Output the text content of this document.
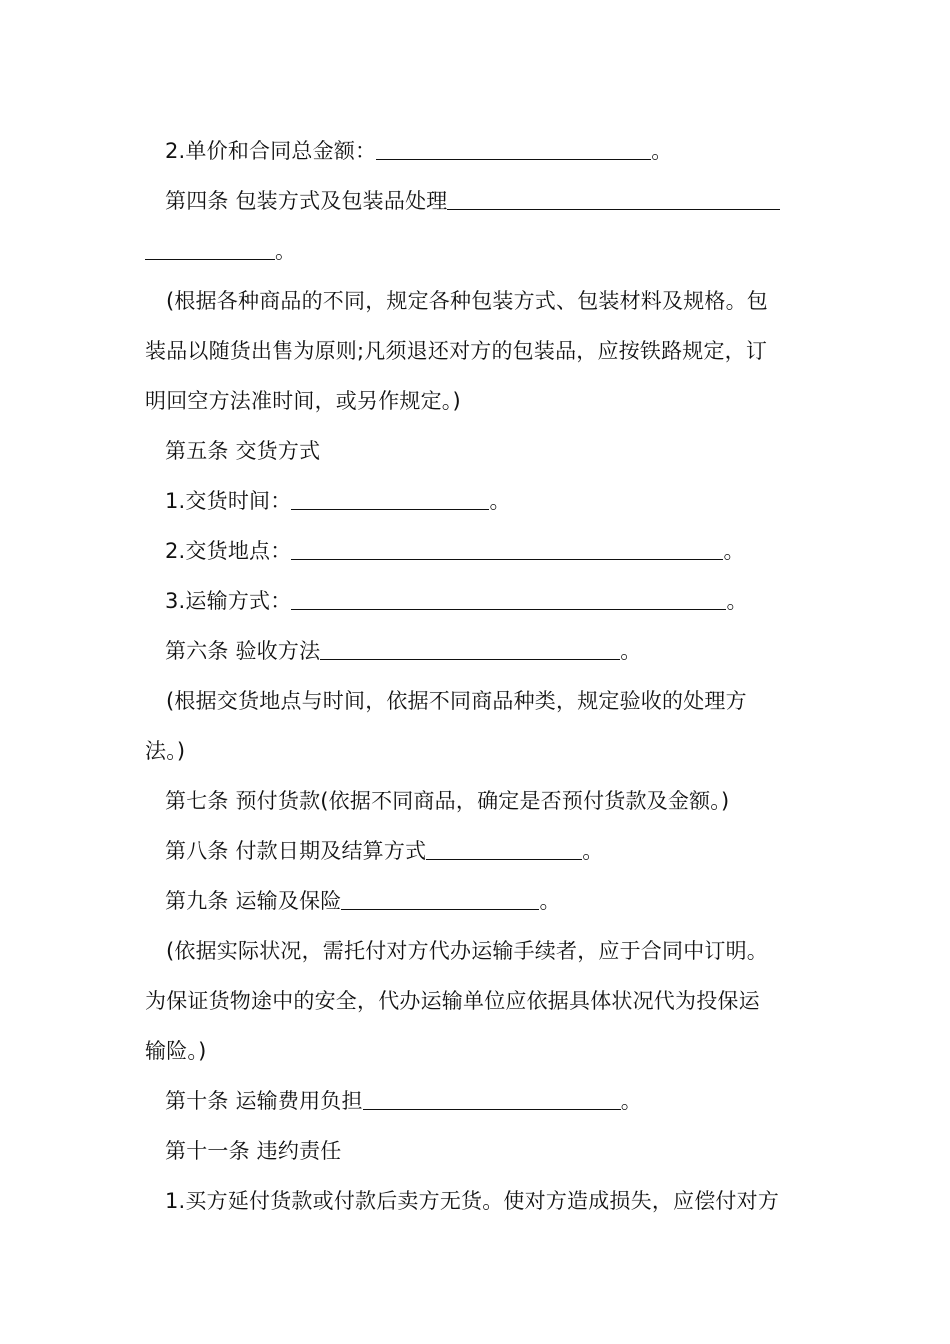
2.单价和合同总金额：	。
第四条 包装方式及包装品处理
。
(根据各种商品的不同，规定各种包装方式、包装材料及规格。包
装品以随货出售为原则;凡须退还对方的包装品，应按铁路规定，订
明回空方法准时间，或另作规定。)
第五条 交货方式
1.交货时间：	。
2.交货地点：	。
3.运输方式：	。
第六条 验收方法	。
(根据交货地点与时间，依据不同商品种类，规定验收的处理方
法。)
第七条 预付货款(依据不同商品，确定是否预付货款及金额。)
第八条 付款日期及结算方式	。
第九条 运输及保险	。
(依据实际状况，需托付对方代办运输手续者，应于合同中订明。
为保证货物途中的安全，代办运输单位应依据具体状况代为投保运
输险。)
第十条 运输费用负担	。
第十一条 违约责任
1.买方延付货款或付款后卖方无货。使对方造成损失，应偿付对方
